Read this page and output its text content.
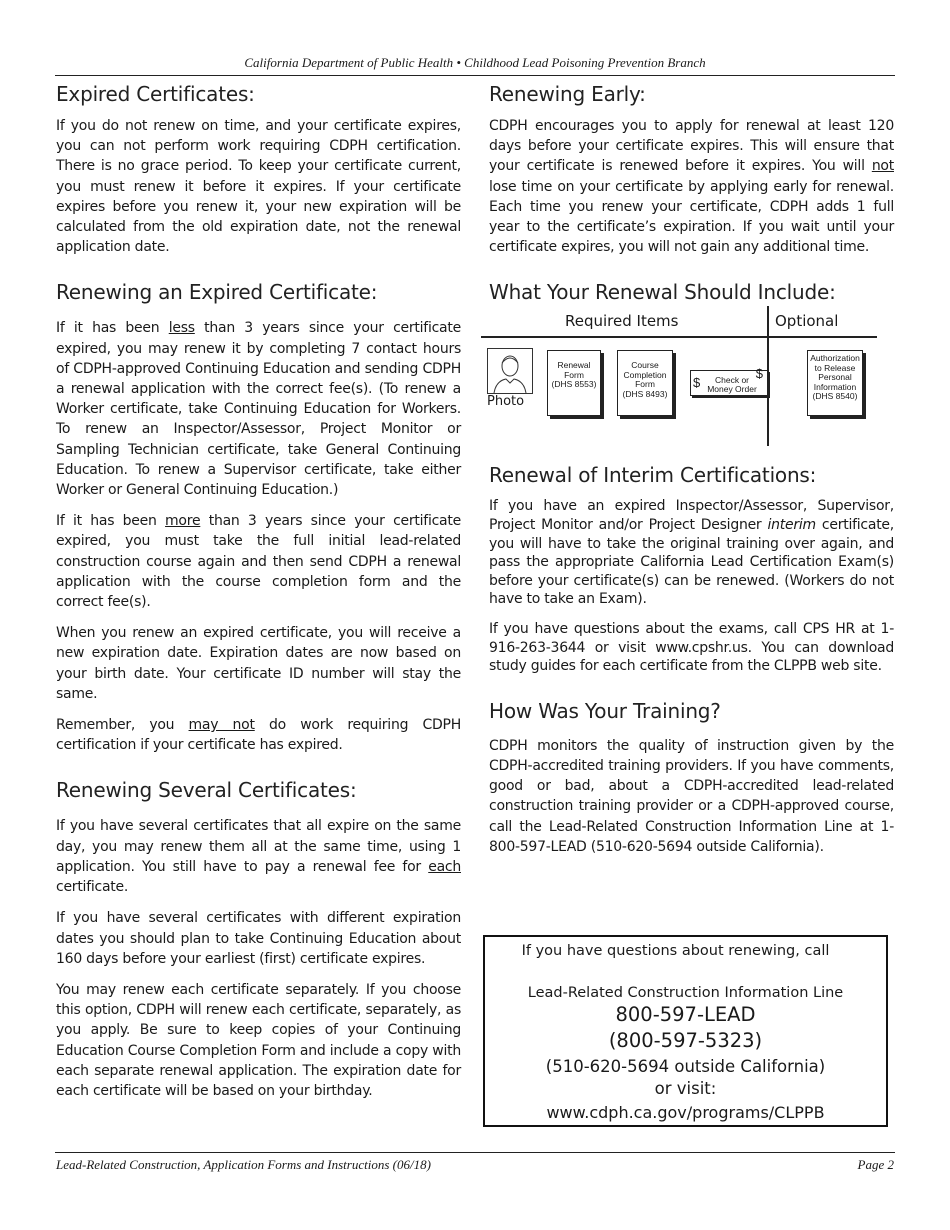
California Department of Public Health • Childhood Lead Poisoning Prevention Branch
Expired Certificates:

If you do not renew on time, and your certificate expires, you can not perform work requiring CDPH certification. There is no grace period. To keep your certificate current, you must renew it before it expires. If your certificate expires before you renew it, your new expiration will be calculated from the old expiration date, not the renewal application date.

Renewing an Expired Certificate:

If it has been less than 3 years since your certificate expired, you may renew it by completing 7 contact hours of CDPH-approved Continuing Education and sending CDPH a renewal application with the correct fee(s). (To renew a Worker certificate, take Continuing Education for Workers. To renew an Inspector/Assessor, Project Monitor or Sampling Technician certificate, take General Continuing Education. To renew a Supervisor certificate, take either Worker or General Continuing Education.)

If it has been more than 3 years since your certificate expired, you must take the full initial lead-related construction course again and then send CDPH a renewal application with the course completion form and the correct fee(s).

When you renew an expired certificate, you will receive a new expiration date. Expiration dates are now based on your birth date. Your certificate ID number will stay the same.

Remember, you may not do work requiring CDPH certification if your certificate has expired.

Renewing Several Certificates:

If you have several certificates that all expire on the same day, you may renew them all at the same time, using 1 application. You still have to pay a renewal fee for each certificate.

If you have several certificates with different expiration dates you should plan to take Continuing Education about 160 days before your earliest (first) certificate expires.

You may renew each certificate separately. If you choose this option, CDPH will renew each certificate, separately, as you apply. Be sure to keep copies of your Continuing Education Course Completion Form and include a copy with each separate renewal application. The expiration date for each certificate will be based on your birthday.

Renewing Early:

CDPH encourages you to apply for renewal at least 120 days before your certificate expires. This will ensure that your certificate is renewed before it expires. You will not lose time on your certificate by applying early for renewal. Each time you renew your certificate, CDPH adds 1 full year to the certificate’s expiration. If you wait until your certificate expires, you will not gain any additional time.

What Your Renewal Should Include:
Required Items	Optional
Photo
Renewal Form
(DHS 8553)
Course Completion Form
(DHS 8493)
$	Check or Money Order
$
Authorization to Release Personal Information
(DHS 8540)
Renewal of Interim Certifications:

If you have an expired Inspector/Assessor, Supervisor, Project Monitor and/or Project Designer interim certificate, you will have to take the original training over again, and pass the appropriate California Lead Certification Exam(s) before your certificate(s) can be renewed. (Workers do not have to take an Exam).

If you have questions about the exams, call CPS HR at 1-916-263-3644 or visit www.cpshr.us. You can download study guides for each certificate from the CLPPB web site.

How Was Your Training?

CDPH monitors the quality of instruction given by the CDPH-accredited training providers. If you have comments, good or bad, about a CDPH-accredited lead-related construction training provider or a CDPH-approved course, call the Lead-Related Construction Information Line at 1-800-597-LEAD (510-620-5694 outside California).

If you have questions about renewing, call
Lead-Related Construction Information Line
800-597-LEAD
(800-597-5323)
(510-620-5694 outside California)
or visit:
www.cdph.ca.gov/programs/CLPPB
Lead-Related Construction, Application Forms and Instructions (06/18)	Page 2
